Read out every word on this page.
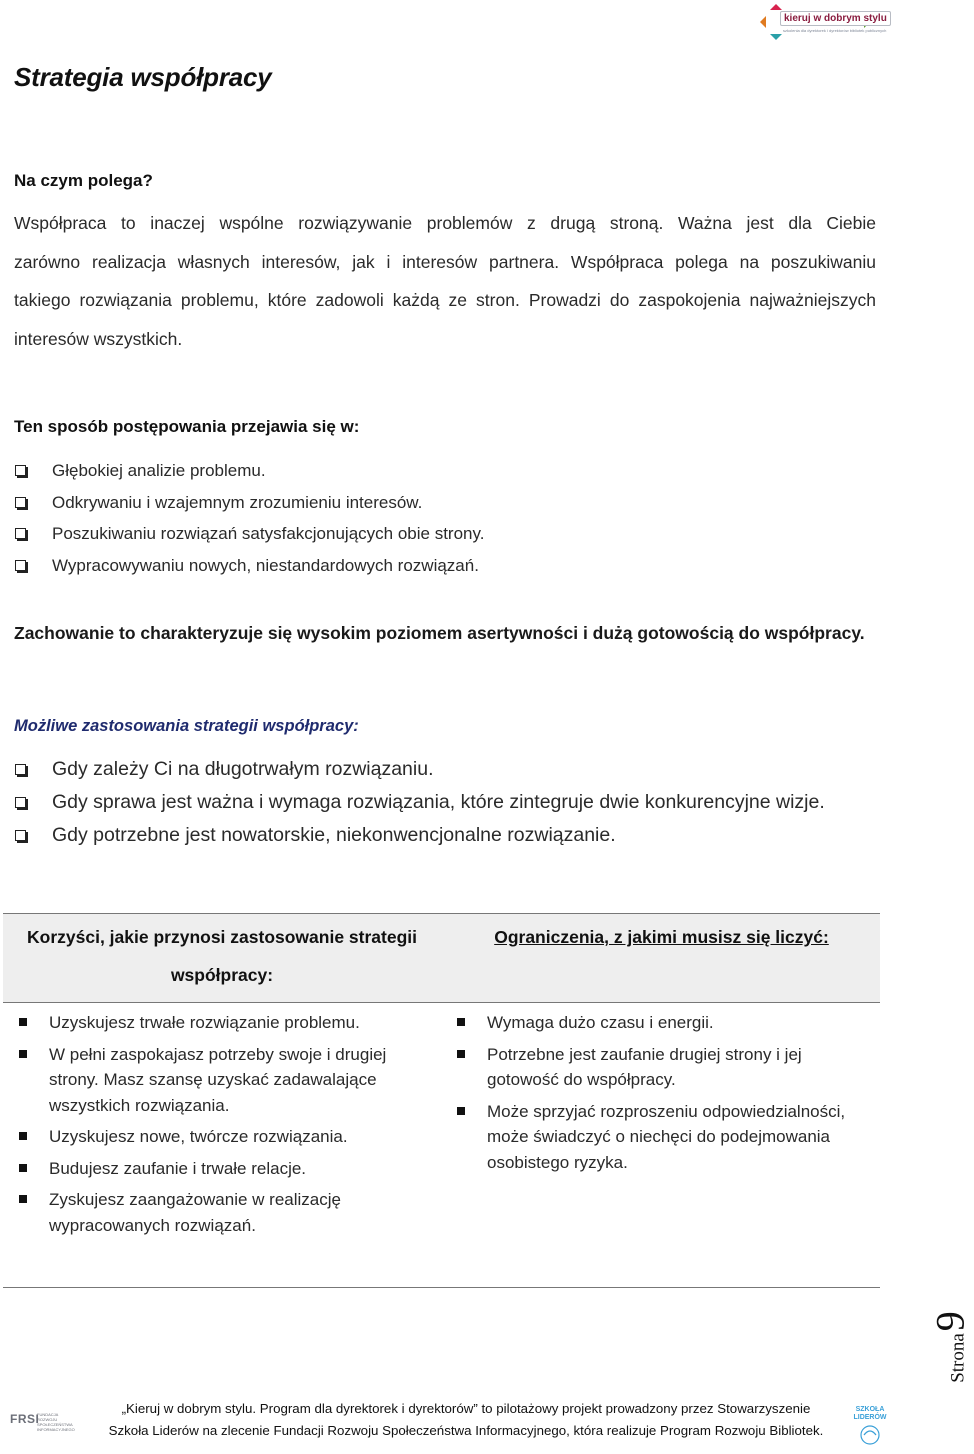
kieruj w dobrym stylu
szkolenia dla dyrektorek i dyrektorów bibliotek publicznych
Strategia współpracy
Na czym polega?
Współpraca to inaczej wspólne rozwiązywanie problemów z drugą stroną. Ważna jest dla Ciebie
zarówno realizacja własnych interesów, jak i interesów partnera. Współpraca polega na poszukiwaniu
takiego rozwiązania problemu, które zadowoli każdą ze stron. Prowadzi do zaspokojenia najważniejszych
interesów wszystkich.
Ten sposób postępowania przejawia się w:
Głębokiej analizie problemu.
Odkrywaniu i wzajemnym zrozumieniu interesów.
Poszukiwaniu rozwiązań satysfakcjonujących obie strony.
Wypracowywaniu nowych, niestandardowych rozwiązań.
Zachowanie to charakteryzuje się wysokim poziomem asertywności i dużą gotowością do współpracy.
Możliwe zastosowania strategii współpracy:
Gdy zależy Ci na długotrwałym rozwiązaniu.
Gdy sprawa jest ważna i wymaga rozwiązania, które zintegruje dwie konkurencyjne wizje.
Gdy potrzebne jest nowatorskie, niekonwencjonalne rozwiązanie.
Korzyści, jakie przynosi zastosowanie strategii
współpracy:
Ograniczenia, z jakimi musisz się liczyć:
Uzyskujesz trwałe rozwiązanie problemu.
W pełni zaspokajasz potrzeby swoje i drugiej strony. Masz szansę uzyskać zadawalające wszystkich rozwiązania.
Uzyskujesz nowe, twórcze rozwiązania.
Budujesz zaufanie i trwałe relacje.
Zyskujesz zaangażowanie w realizację wypracowanych rozwiązań.
Wymaga dużo czasu i energii.
Potrzebne jest zaufanie drugiej strony i jej gotowość do współpracy.
Może sprzyjać rozproszeniu odpowiedzialności, może świadczyć o niechęci do podejmowania osobistego ryzyka.
Strona9
FRSI
FUNDACJA ROZWOJU SPOŁECZEŃSTWA INFORMACYJNEGO
„Kieruj w dobrym stylu. Program dla dyrektorek i dyrektorów” to pilotażowy projekt prowadzony przez Stowarzyszenie
Szkoła Liderów na zlecenie Fundacji Rozwoju Społeczeństwa Informacyjnego, która realizuje Program Rozwoju Bibliotek.
SZKOŁA LIDERÓW
